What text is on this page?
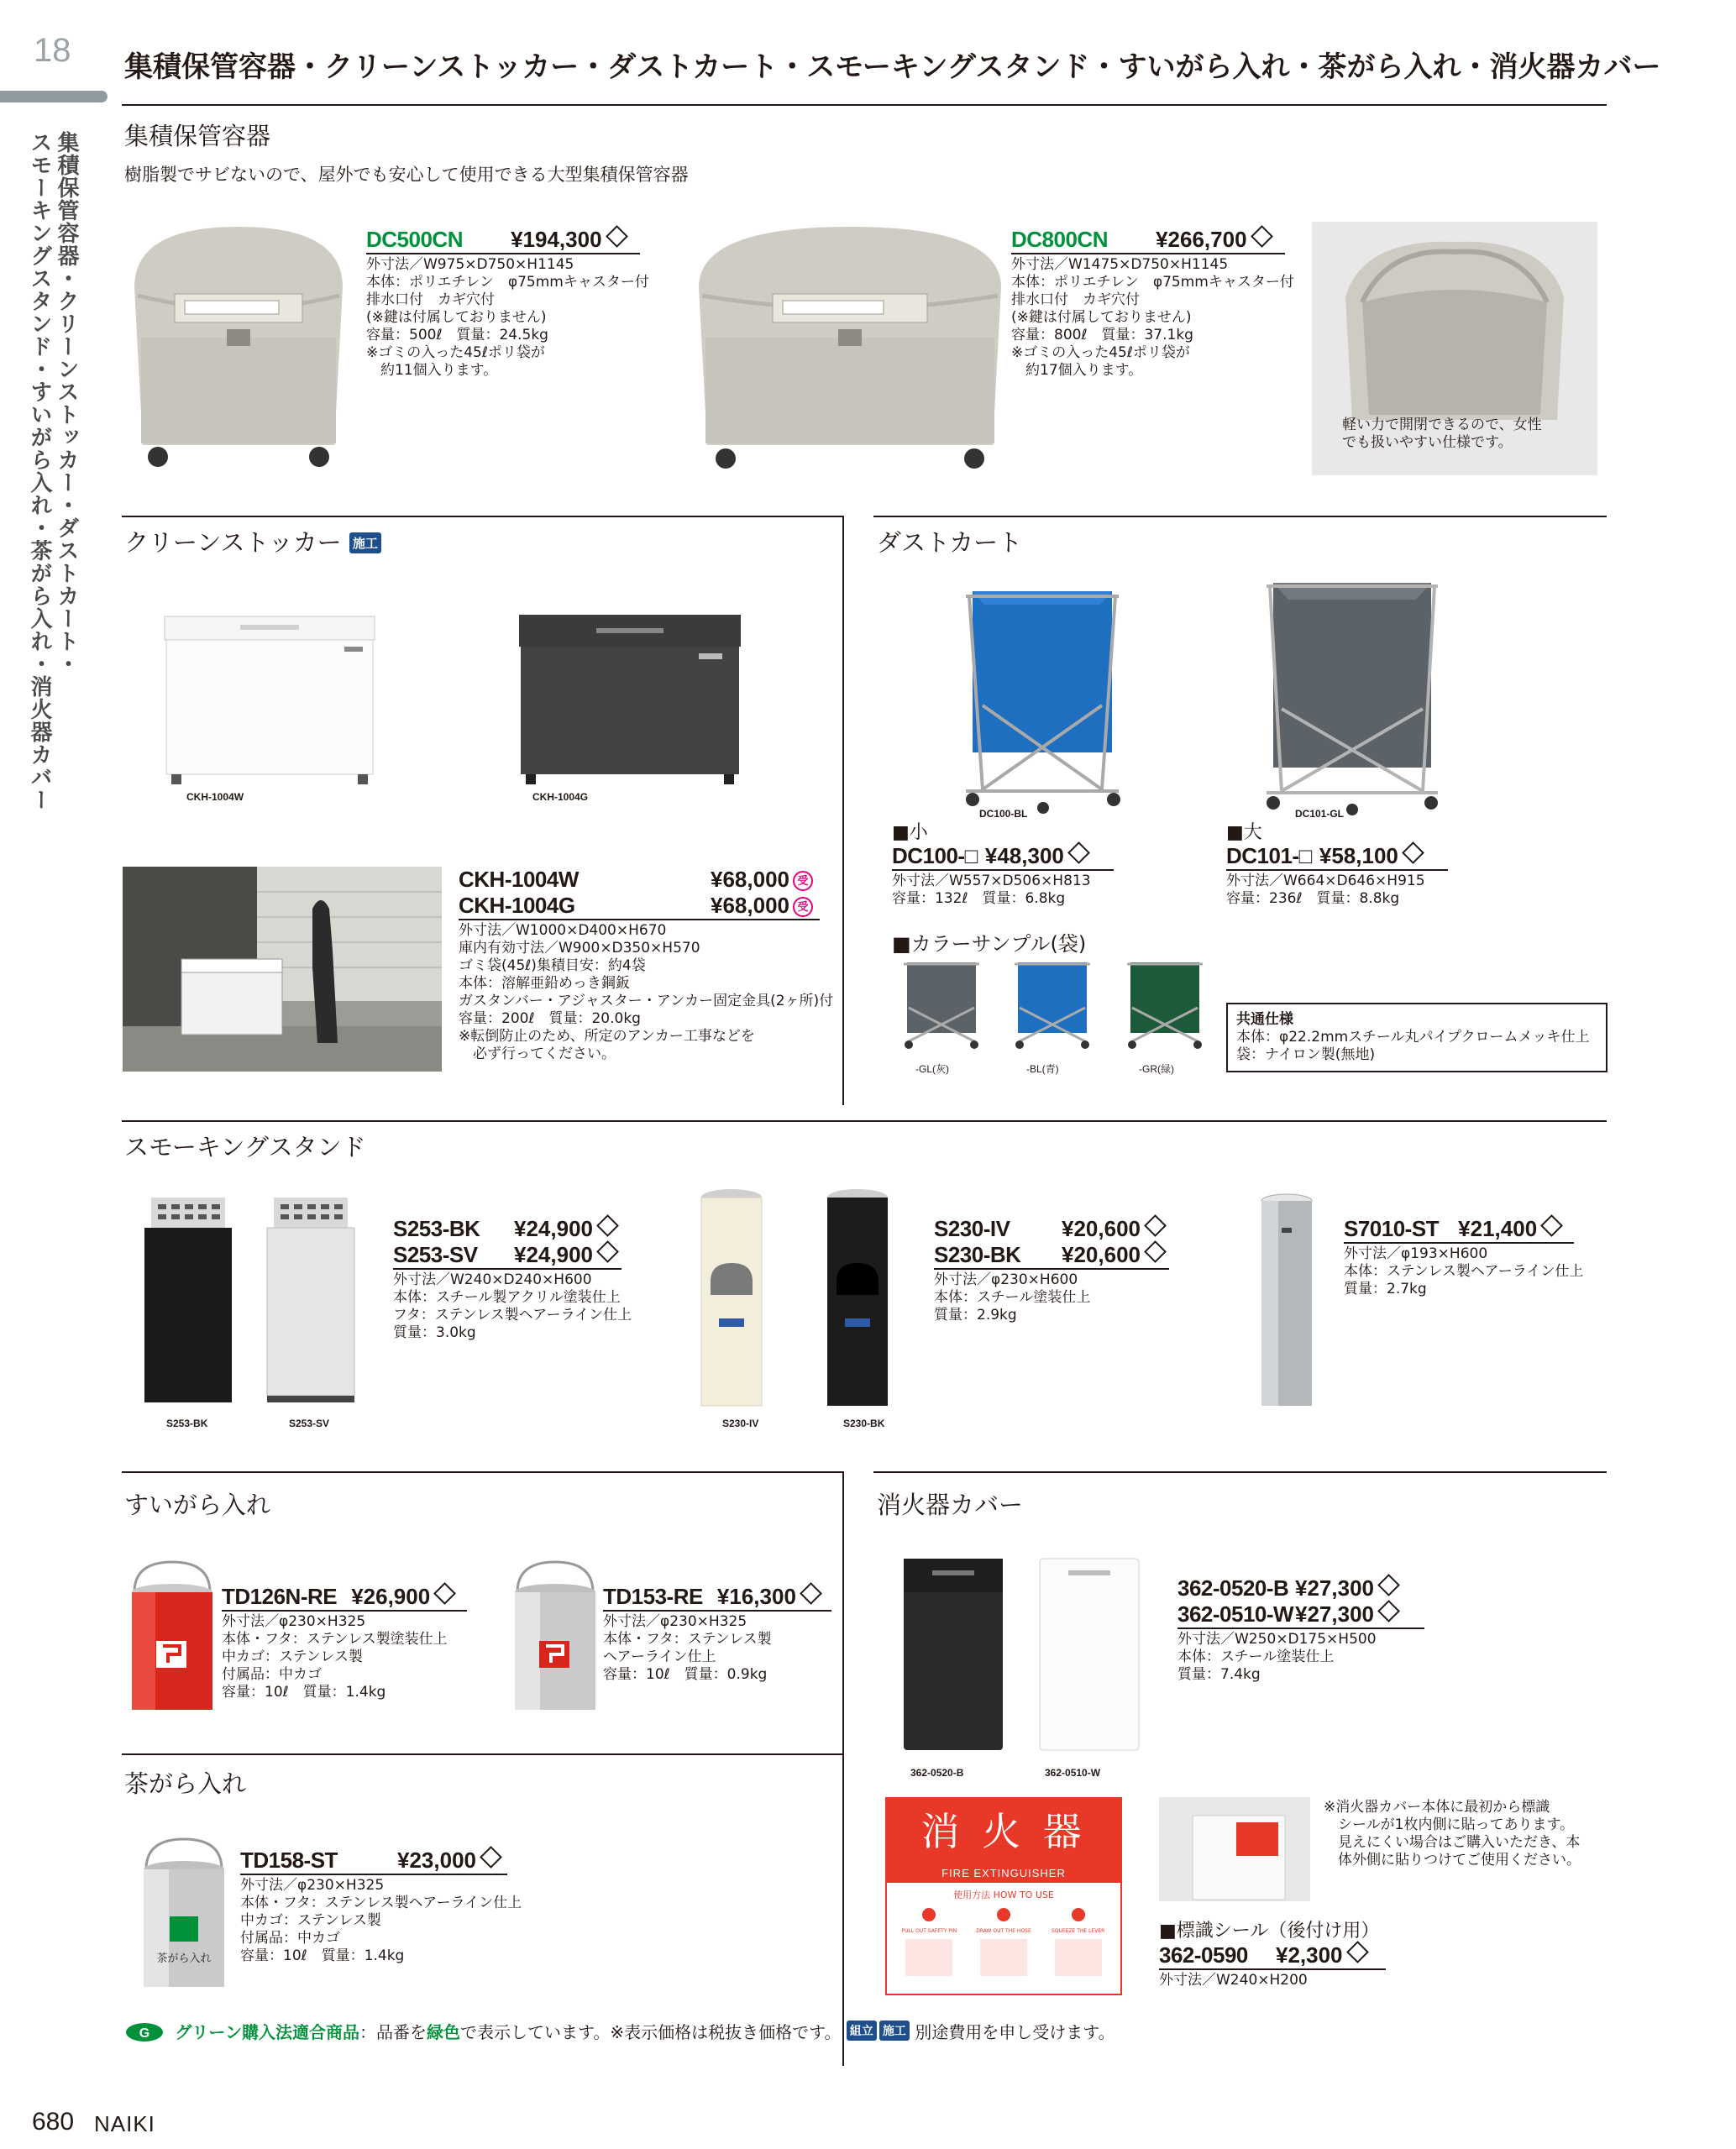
18
集積保管容器・クリーンストッカー・ダストカート・
スモーキングスタンド・すいがら入れ・茶がら入れ・消火器カバー
集積保管容器・クリーンストッカー・ダストカート・スモーキングスタンド・すいがら入れ・茶がら入れ・消火器カバー
集積保管容器
樹脂製でサビないので、屋外でも安心して使用できる大型集積保管容器
DC500CN ¥194,300
外寸法／W975×D750×H1145
本体：ポリエチレン　φ75mmキャスター付
排水口付　カギ穴付
(※鍵は付属しておりません)
容量：500ℓ　質量：24.5kg
※ゴミの入った45ℓポリ袋が
　約11個入ります。
DC800CN ¥266,700
外寸法／W1475×D750×H1145
本体：ポリエチレン　φ75mmキャスター付
排水口付　カギ穴付
(※鍵は付属しておりません)
容量：800ℓ　質量：37.1kg
※ゴミの入った45ℓポリ袋が
　約17個入ります。
軽い力で開閉できるので、女性
でも扱いやすい仕様です。
クリーンストッカー 施工
CKH-1004W	CKH-1004G
CKH-1004W	¥68,000 受
CKH-1004G	¥68,000 受
外寸法／W1000×D400×H670
庫内有効寸法／W900×D350×H570
ゴミ袋(45ℓ)集積目安：約4袋
本体：溶解亜鉛めっき鋼鈑
ガスタンバー・アジャスター・アンカー固定金具(2ヶ所)付
容量：200ℓ　質量：20.0kg
※転倒防止のため、所定のアンカー工事などを
　必ず行ってください。
ダストカート
DC100-BL	DC101-GL
■小
DC100-□ ¥48,300
外寸法／W557×D506×H813
容量：132ℓ　質量：6.8kg
■大
DC101-□ ¥58,100
外寸法／W664×D646×H915
容量：236ℓ　質量：8.8kg
■カラーサンプル(袋)
-GL(灰)	-BL(青)	-GR(緑)
共通仕様
本体：φ22.2mmスチール丸パイプクロームメッキ仕上
袋：ナイロン製(無地)
スモーキングスタンド
S253-BK	S253-SV
S253-BK ¥24,900
S253-SV ¥24,900
外寸法／W240×D240×H600
本体：スチール製アクリル塗装仕上
フタ：ステンレス製ヘアーライン仕上
質量：3.0kg
S230-IV	S230-BK
S230-IV ¥20,600
S230-BK ¥20,600
外寸法／φ230×H600
本体：スチール塗装仕上
質量：2.9kg
S7010-ST ¥21,400
外寸法／φ193×H600
本体：ステンレス製ヘアーライン仕上
質量：2.7kg
すいがら入れ
TD126N-RE ¥26,900
外寸法／φ230×H325
本体・フタ：ステンレス製塗装仕上
中カゴ：ステンレス製
付属品：中カゴ
容量：10ℓ　質量：1.4kg
TD153-RE ¥16,300
外寸法／φ230×H325
本体・フタ：ステンレス製
ヘアーライン仕上
容量：10ℓ　質量：0.9kg
茶がら入れ
茶がら入れ
TD158-ST	¥23,000
外寸法／φ230×H325
本体・フタ：ステンレス製ヘアーライン仕上
中カゴ：ステンレス製
付属品：中カゴ
容量：10ℓ　質量：1.4kg
消火器カバー
362-0520-B	362-0510-W
362-0520-B ¥27,300
362-0510-W ¥27,300
外寸法／W250×D175×H500
本体：スチール塗装仕上
質量：7.4kg
消 火 器
FIRE EXTINGUISHER
使用方法 HOW TO USE
PULL OUT SAFETY PIN	DRAW OUT THE HOSE	SQUEEZE THE LEVER
※消火器カバー本体に最初から標識
　シールが1枚内側に貼ってあります。
　見えにくい場合はご購入いただき、本
　体外側に貼りつけてご使用ください。
■標識シール（後付け用）
362-0590 ¥2,300
外寸法／W240×H200
G グリーン購入法適合商品：品番を緑色で表示しています。※表示価格は税抜き価格です。 組立 施工 別途費用を申し受けます。
680 NAIKI
